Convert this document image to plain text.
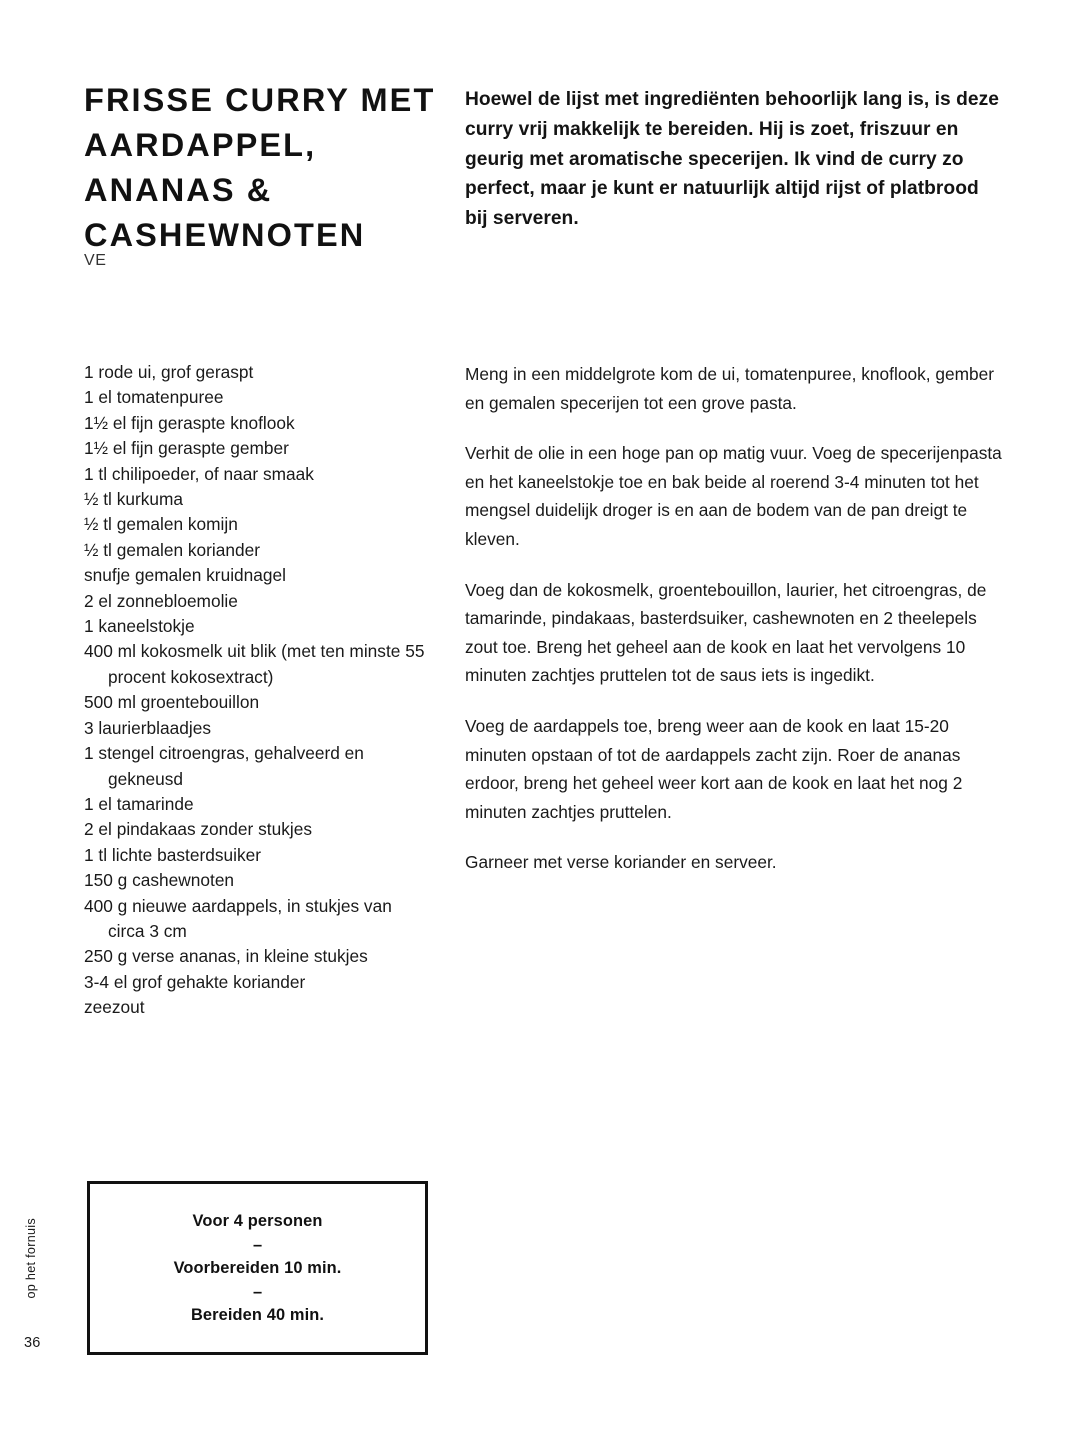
FRISSE CURRY MET AARDAPPEL, ANANAS & CASHEWNOTEN
VE

Hoewel de lijst met ingrediënten behoorlijk lang is, is deze curry vrij makkelijk te bereiden. Hij is zoet, friszuur en geurig met aromatische specerijen. Ik vind de curry zo perfect, maar je kunt er natuurlijk altijd rijst of platbrood bij serveren.

1 rode ui, grof geraspt
1 el tomatenpuree
1½ el fijn geraspte knoflook
1½ el fijn geraspte gember
1 tl chilipoeder, of naar smaak
½ tl kurkuma
½ tl gemalen komijn
½ tl gemalen koriander
snufje gemalen kruidnagel
2 el zonnebloemolie
1 kaneelstokje
400 ml kokosmelk uit blik (met ten minste 55 procent kokosextract)
500 ml groentebouillon
3 laurierblaadjes
1 stengel citroengras, gehalveerd en gekneusd
1 el tamarinde
2 el pindakaas zonder stukjes
1 tl lichte basterdsuiker
150 g cashewnoten
400 g nieuwe aardappels, in stukjes van circa 3 cm
250 g verse ananas, in kleine stukjes
3-4 el grof gehakte koriander
zeezout

Meng in een middelgrote kom de ui, tomatenpuree, knoflook, gember en gemalen specerijen tot een grove pasta.

Verhit de olie in een hoge pan op matig vuur. Voeg de specerijenpasta en het kaneelstokje toe en bak beide al roerend 3-4 minuten tot het mengsel duidelijk droger is en aan de bodem van de pan dreigt te kleven.

Voeg dan de kokosmelk, groentebouillon, laurier, het citroengras, de tamarinde, pindakaas, basterdsuiker, cashewnoten en 2 theelepels zout toe. Breng het geheel aan de kook en laat het vervolgens 10 minuten zachtjes pruttelen tot de saus iets is ingedikt.

Voeg de aardappels toe, breng weer aan de kook en laat 15-20 minuten opstaan of tot de aardappels zacht zijn. Roer de ananas erdoor, breng het geheel weer kort aan de kook en laat het nog 2 minuten zachtjes pruttelen.

Garneer met verse koriander en serveer.

Voor 4 personen
–
Voorbereiden 10 min.
–
Bereiden 40 min.
op het fornuis
36
